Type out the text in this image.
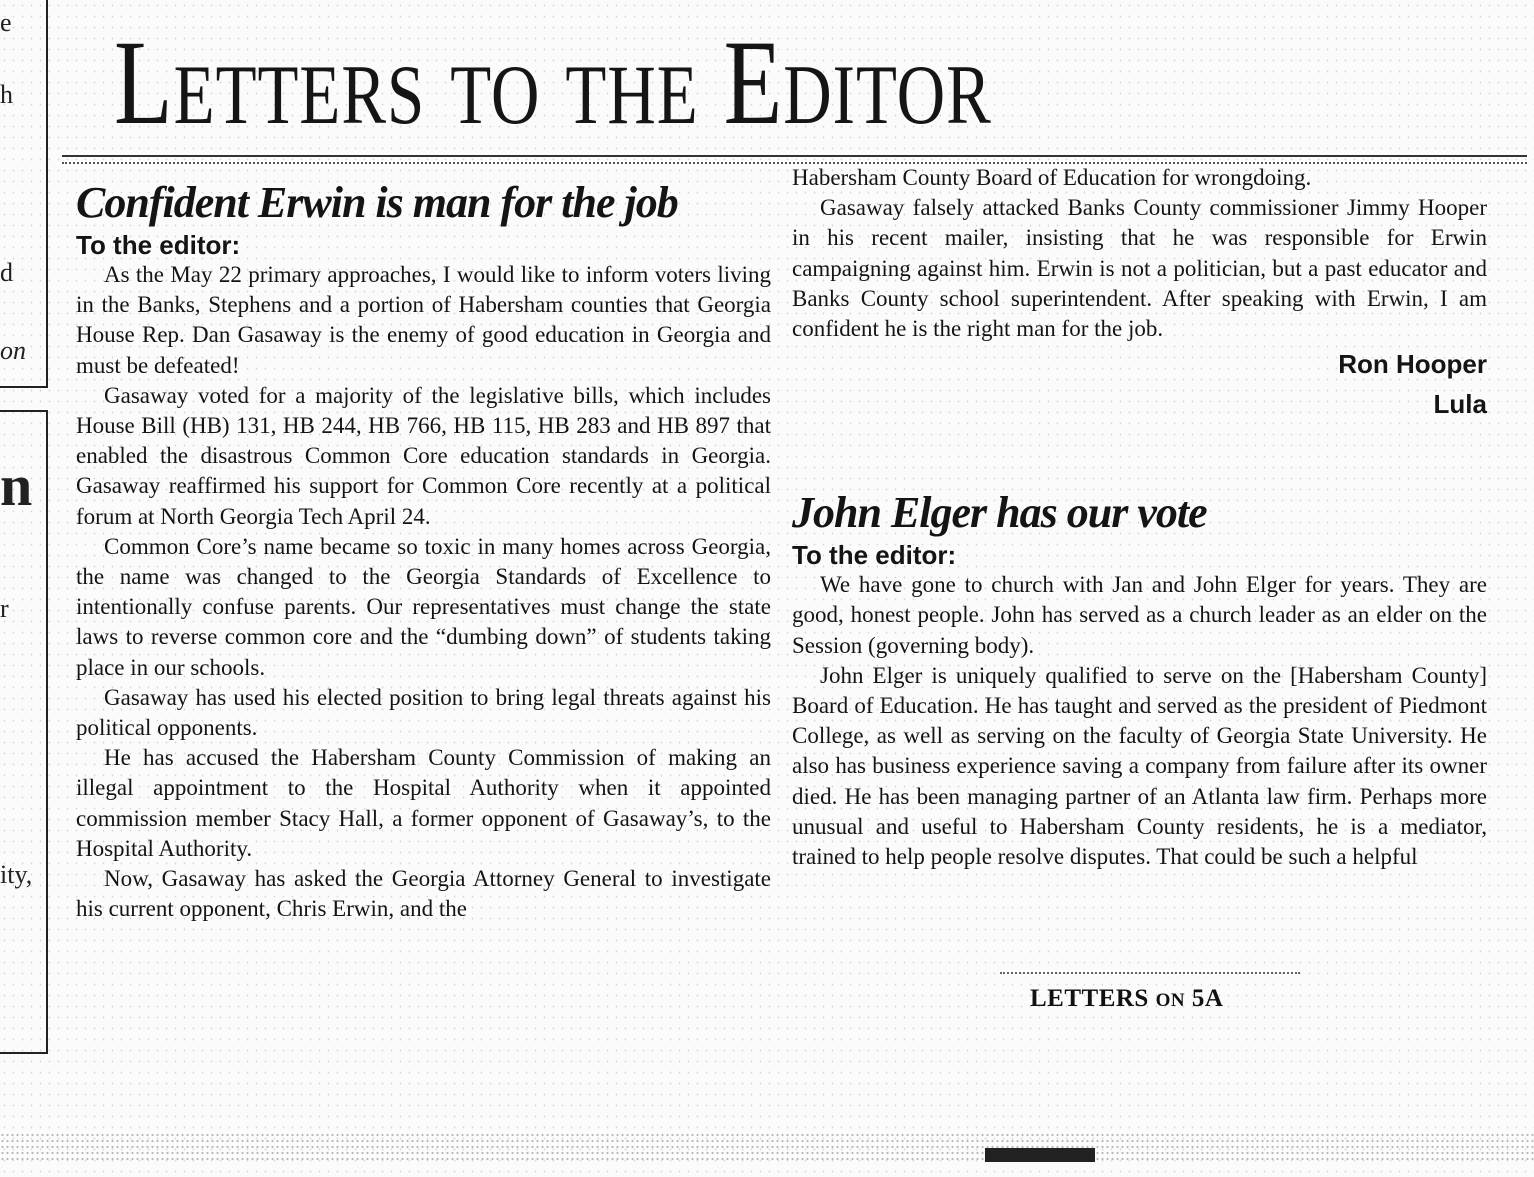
e
h
d
on
n
r
ity,
Letters to the Editor
Confident Erwin is man for the job

To the editor:

As the May 22 primary approaches, I would like to inform voters living in the Banks, Stephens and a portion of Habersham counties that Georgia House Rep. Dan Gasaway is the enemy of good education in Georgia and must be defeated!

Gasaway voted for a majority of the legislative bills, which includes House Bill (HB) 131, HB 244, HB 766, HB 115, HB 283 and HB 897 that enabled the disastrous Common Core education standards in Georgia. Gasaway reaffirmed his support for Common Core recently at a political forum at North Georgia Tech April 24.

Common Core’s name became so toxic in many homes across Georgia, the name was changed to the Georgia Standards of Excellence to intentionally confuse parents. Our representatives must change the state laws to reverse common core and the “dumbing down” of students taking place in our schools.

Gasaway has used his elected position to bring legal threats against his political opponents.

He has accused the Habersham County Commission of making an illegal appointment to the Hospital Authority when it appointed commission member Stacy Hall, a former opponent of Gasaway’s, to the Hospital Authority.

Now, Gasaway has asked the Georgia Attorney General to investigate his current opponent, Chris Erwin, and the

Habersham County Board of Education for wrongdoing.

Gasaway falsely attacked Banks County commissioner Jimmy Hooper in his recent mailer, insisting that he was responsible for Erwin campaigning against him. Erwin is not a politician, but a past educator and Banks County school superintendent. After speaking with Erwin, I am confident he is the right man for the job.

Ron Hooper

Lula

John Elger has our vote

To the editor:

We have gone to church with Jan and John Elger for years. They are good, honest people. John has served as a church leader as an elder on the Session (governing body).

John Elger is uniquely qualified to serve on the [Habersham County] Board of Education. He has taught and served as the president of Piedmont College, as well as serving on the faculty of Georgia State University. He also has business experience saving a company from failure after its owner died. He has been managing partner of an Atlanta law firm. Perhaps more unusual and useful to Habersham County residents, he is a mediator, trained to help people resolve disputes. That could be such a helpful

LETTERS ON 5A
